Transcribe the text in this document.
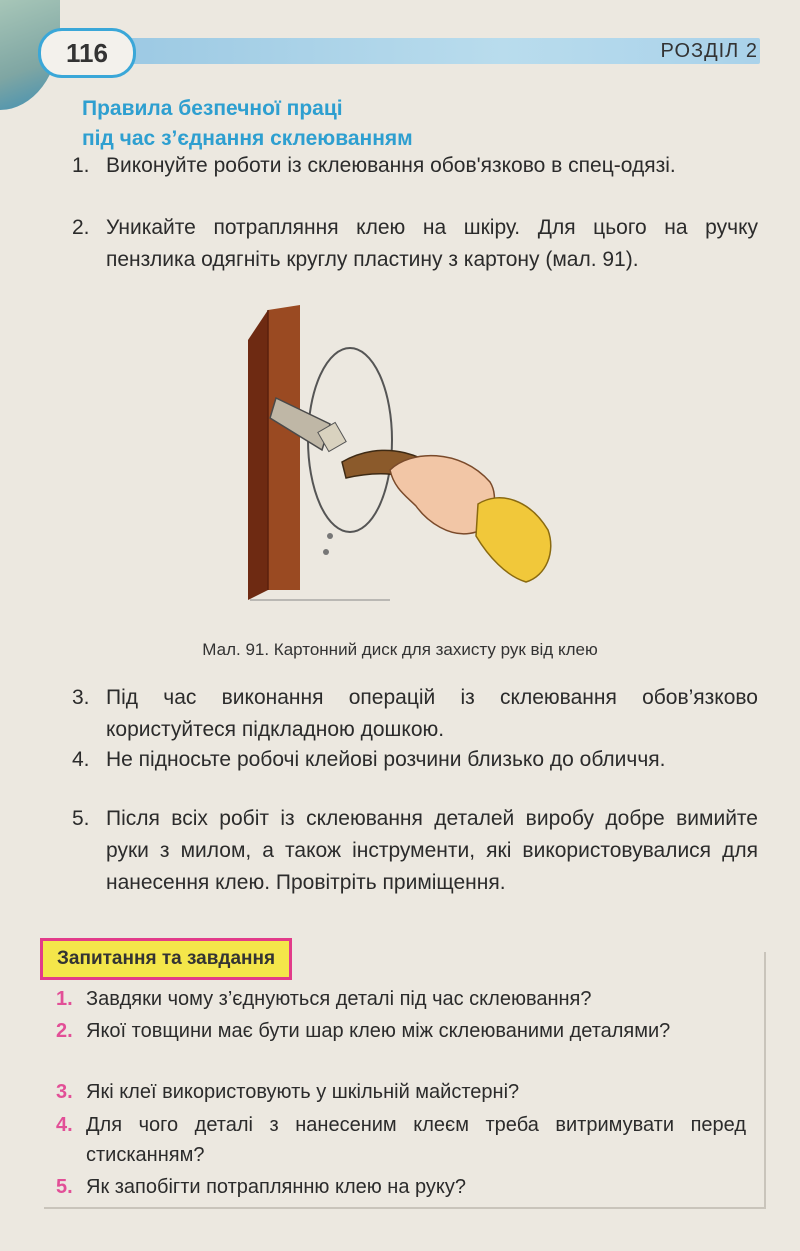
116	РОЗДІЛ 2
Правила безпечної праці
під час з’єднання склеюванням
1. Виконуйте роботи із склеювання обов'язково в спец-одязі.
2. Уникайте потрапляння клею на шкіру. Для цього на ручку пензлика одягніть круглу пластину з картону (мал. 91).
3. Під час виконання операцій із склеювання обов’язково користуйтеся підкладною дошкою.
4. Не підносьте робочі клейові розчини близько до обличчя.
5. Після всіх робіт із склеювання деталей виробу добре вимийте руки з милом, а також інструменти, які використовувалися для нанесення клею. Провітріть приміщення.
Мал. 91. Картонний диск для захисту рук від клею
Запитання та завдання
1. Завдяки чому з’єднуються деталі під час склеювання?
2. Якої товщини має бути шар клею між склеюваними деталями?
3. Які клеї використовують у шкільній майстерні?
4. Для чого деталі з нанесеним клеєм треба витримувати перед стисканням?
5. Як запобігти потраплянню клею на руку?
